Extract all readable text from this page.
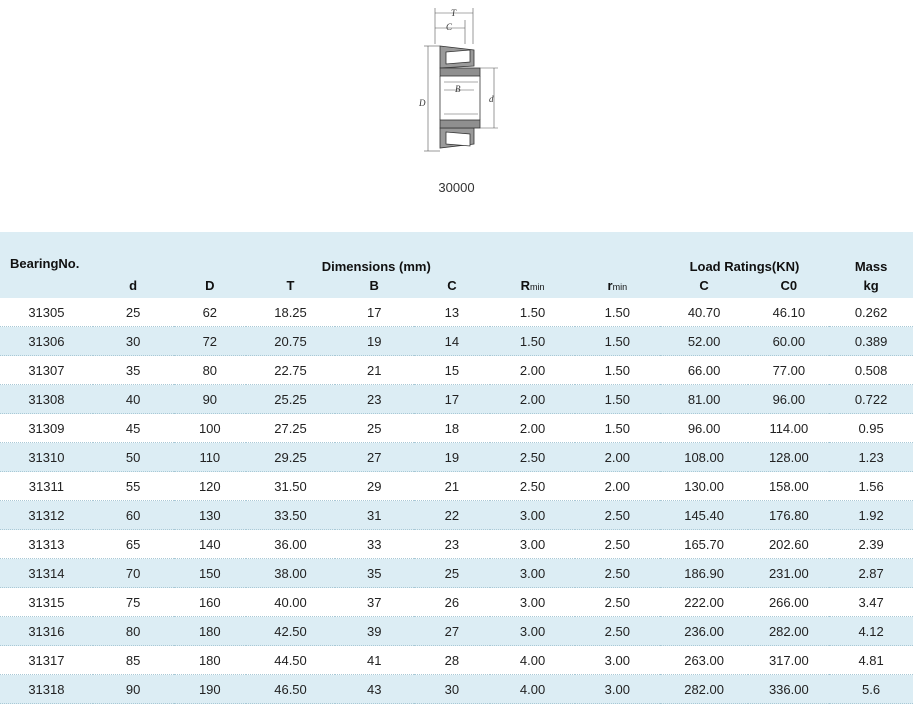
T
C
B
D	d
30000
BearingNo.	Dimensions (mm)							Load Ratings(KN)		Mass
	d	D	T	B	C	Rmin	rmin	C	C0	kg
31305	25	62	18.25	17	13	1.50	1.50	40.70	46.10	0.262
31306	30	72	20.75	19	14	1.50	1.50	52.00	60.00	0.389
31307	35	80	22.75	21	15	2.00	1.50	66.00	77.00	0.508
31308	40	90	25.25	23	17	2.00	1.50	81.00	96.00	0.722
31309	45	100	27.25	25	18	2.00	1.50	96.00	114.00	0.95
31310	50	110	29.25	27	19	2.50	2.00	108.00	128.00	1.23
31311	55	120	31.50	29	21	2.50	2.00	130.00	158.00	1.56
31312	60	130	33.50	31	22	3.00	2.50	145.40	176.80	1.92
31313	65	140	36.00	33	23	3.00	2.50	165.70	202.60	2.39
31314	70	150	38.00	35	25	3.00	2.50	186.90	231.00	2.87
31315	75	160	40.00	37	26	3.00	2.50	222.00	266.00	3.47
31316	80	180	42.50	39	27	3.00	2.50	236.00	282.00	4.12
31317	85	180	44.50	41	28	4.00	3.00	263.00	317.00	4.81
31318	90	190	46.50	43	30	4.00	3.00	282.00	336.00	5.6
